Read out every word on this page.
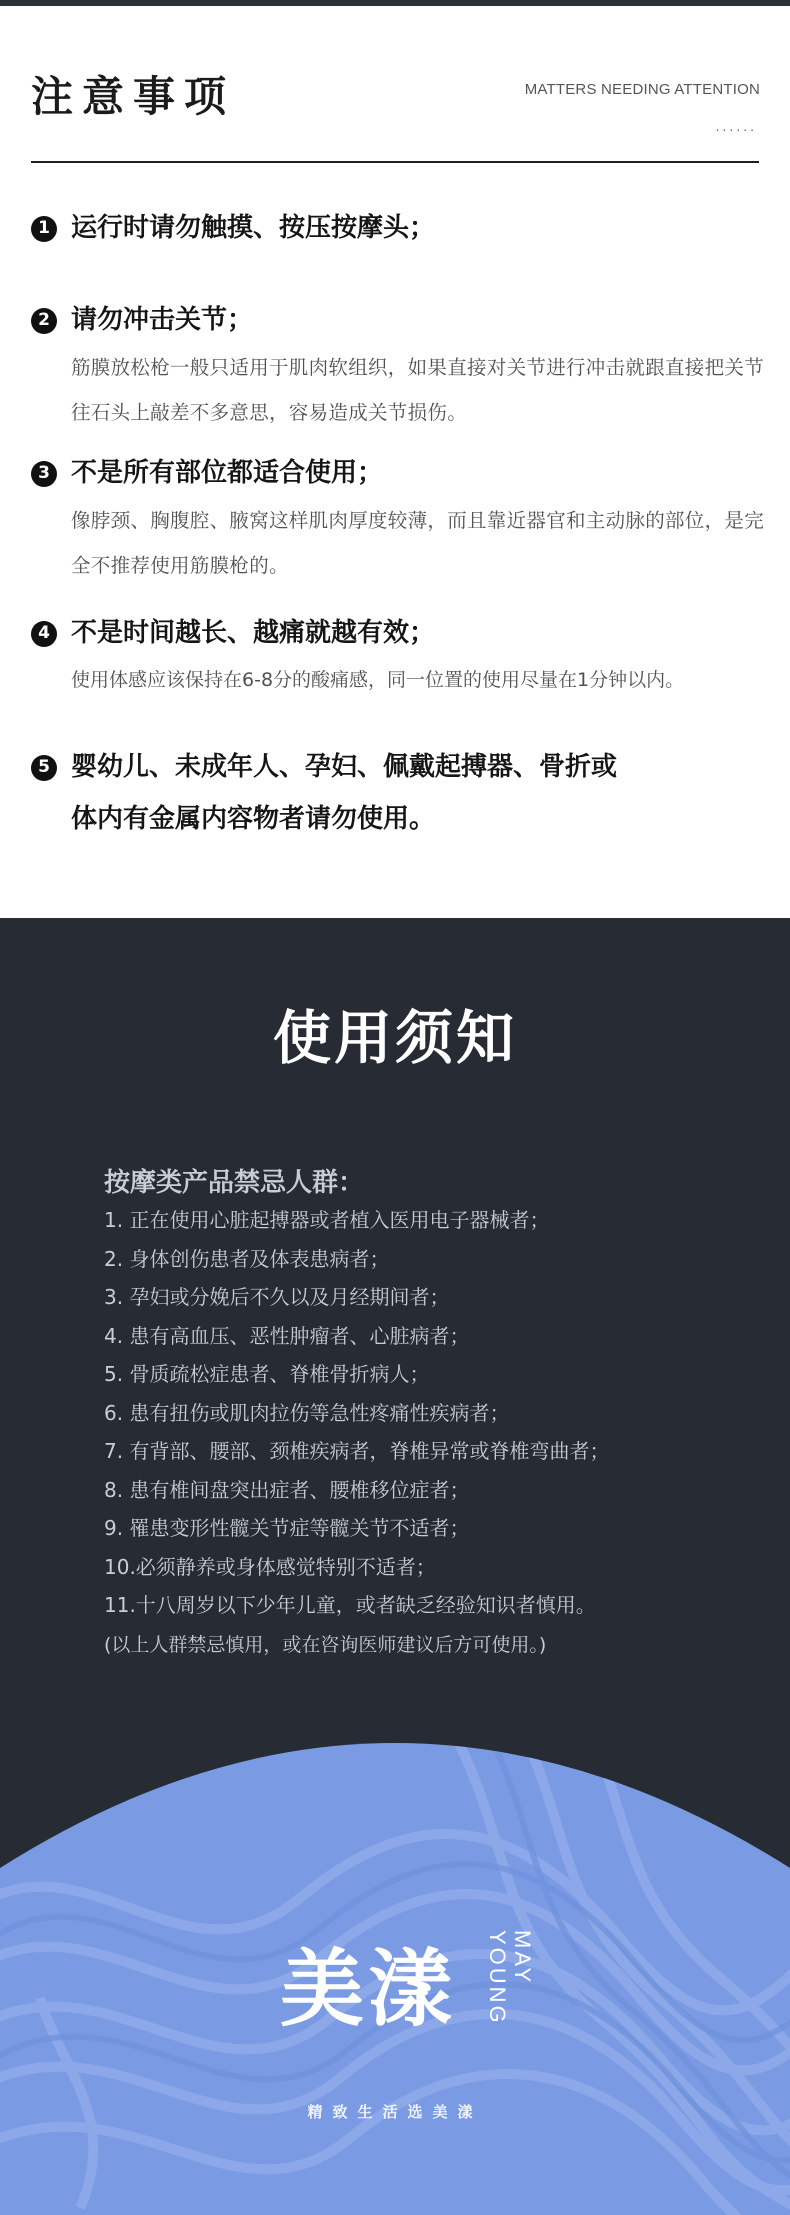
注意事项	MATTERS NEEDING ATTENTION
......
1 运行时请勿触摸、按压按摩头；
2 请勿冲击关节；

筋膜放松枪一般只适用于肌肉软组织，如果直接对关节进行冲击就跟直接把关节往石头上敲差不多意思，容易造成关节损伤。

3 不是所有部位都适合使用；

像脖颈、胸腹腔、腋窝这样肌肉厚度较薄，而且靠近器官和主动脉的部位，是完全不推荐使用筋膜枪的。

4 不是时间越长、越痛就越有效；

使用体感应该保持在6-8分的酸痛感，同一位置的使用尽量在1分钟以内。

5 婴幼儿、未成年人、孕妇、佩戴起搏器、骨折或
体内有金属内容物者请勿使用。
使用须知
按摩类产品禁忌人群：
1. 正在使用心脏起搏器或者植入医用电子器械者；
2. 身体创伤患者及体表患病者；
3. 孕妇或分娩后不久以及月经期间者；
4. 患有高血压、恶性肿瘤者、心脏病者；
5. 骨质疏松症患者、脊椎骨折病人；
6. 患有扭伤或肌肉拉伤等急性疼痛性疾病者；
7. 有背部、腰部、颈椎疾病者，脊椎异常或脊椎弯曲者；
8. 患有椎间盘突出症者、腰椎移位症者；
9. 罹患变形性髋关节症等髋关节不适者；
10.必须静养或身体感觉特别不适者；
11.十八周岁以下少年儿童，或者缺乏经验知识者慎用。
(以上人群禁忌慎用，或在咨询医师建议后方可使用。)
美漾 MAY
YOUNG
精致生活选美漾
